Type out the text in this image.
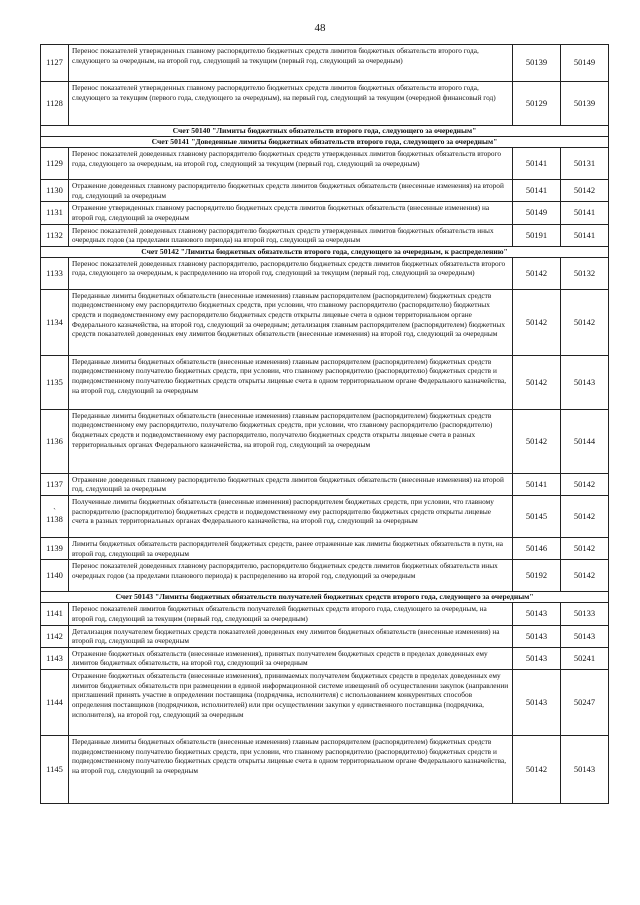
48
1127	Перенос показателей утвержденных главному распорядителю бюджетных средств лимитов бюджетных обязательств второго года, следующего за очередным, на второй год, следующий за текущим (первый год, следующий за очередным)	50139	50149
1128	Перенос показателей утвержденных главному распорядителю бюджетных средств лимитов бюджетных обязательств второго года, следующего за текущим (первого года, следующего за очередным), на первый год, следующий за текущим (очередной финансовый год)	50129	50139
Счет 50140 "Лимиты бюджетных обязательств второго года, следующего за очередным"			
Счет 50141 "Доведенные лимиты бюджетных обязательств второго года, следующего за очередным"			
1129	Перенос показателей доведенных главному распорядителю бюджетных средств утвержденных лимитов бюджетных обязательств второго года, следующего за очередным, на второй год, следующий за текущим (первый год, следующий за очередным)	50141	50131
1130	Отражение доведенных главному распорядителю бюджетных средств лимитов бюджетных обязательств (внесенные изменения) на второй год, следующий за очередным	50141	50142
1131	Отражение утвержденных главному распорядителю бюджетных средств лимитов бюджетных обязательств (внесенные изменения) на второй год, следующий за очередным	50149	50141
1132	Перенос показателей доведенных главному распорядителю бюджетных средств утвержденных лимитов бюджетных обязательств иных очередных годов (за пределами планового периода) на второй год, следующий за очередным	50191	50141
Счет 50142 "Лимиты бюджетных обязательств второго года, следующего за очередным, к распределению"			
1133	Перенос показателей доведенных главному распорядителю, распорядителю бюджетных средств лимитов бюджетных обязательств второго года, следующего за очередным, к распределению на второй год, следующий за текущим (первый год, следующий за очередным)	50142	50132
1134	Переданные лимиты бюджетных обязательств (внесенные изменения) главным распорядителем (распорядителем) бюджетных средств подведомственному ему распорядителю бюджетных средств, при условии, что главному распорядителю (распорядителю) бюджетных средств и подведомственному ему распорядителю бюджетных средств открыты лицевые счета в одном территориальном органе Федерального казначейства, на второй год, следующий за очередным; детализация главным распорядителем (распорядителем) бюджетных средств показателей доведенных ему лимитов бюджетных обязательств (внесенные изменения) на второй год, следующий за очередным	50142	50142
1135	Переданные лимиты бюджетных обязательств (внесенные изменения) главным распорядителем (распорядителем) бюджетных средств подведомственному получателю бюджетных средств, при условии, что главному распорядителю (распорядителю) бюджетных средств и подведомственному получателю бюджетных средств открыты лицевые счета в одном территориальном органе Федерального казначейства, на второй год, следующий за очередным	50142	50143
1136	Переданные лимиты бюджетных обязательств (внесенные изменения) главным распорядителем (распорядителем) бюджетных средств подведомственному ему распорядителю, получателю бюджетных средств, при условии, что главному распорядителю (распорядителю) бюджетных средств и подведомственному ему распорядителю, получателю бюджетных средств открыты лицевые счета в разных территориальных органах Федерального казначейства, на второй год, следующий за очередным	50142	50144
1137	Отражение доведенных главному распорядителю бюджетных средств лимитов бюджетных обязательств (внесенные изменения) на второй год, следующий за очередным	50141	50142

`
1138	Полученные лимиты бюджетных обязательств (внесенные изменения) распорядителем бюджетных средств, при условии, что главному распорядителю (распорядителю) бюджетных средств и подведомственному ему распорядителю бюджетных средств открыты лицевые счета в разных территориальных органах Федерального казначейства, на второй год, следующий за очередным	50145	50142
1139	Лимиты бюджетных обязательств распорядителей бюджетных средств, ранее отраженные как лимиты бюджетных обязательств в пути, на второй год, следующий за очередным	50146	50142
1140	Перенос показателей доведенных главному распорядителю, распорядителю бюджетных средств лимитов бюджетных обязательств иных очередных годов (за пределами планового периода) к распределению на второй год, следующий за очередным	50192	50142
Счет 50143 "Лимиты бюджетных обязательств получателей бюджетных средств второго года, следующего за очередным"			
1141	Перенос показателей лимитов бюджетных обязательств получателей бюджетных средств второго года, следующего за очередным, на второй год, следующий за текущим (первый год, следующий за очередным)	50143	50133
1142	Детализация получателем бюджетных средств показателей доведенных ему лимитов бюджетных обязательств (внесенные изменения) на второй год, следующий за очередным	50143	50143
1143	Отражение бюджетных обязательств (внесенные изменения), принятых получателем бюджетных средств в пределах доведенных ему лимитов бюджетных обязательств, на второй год, следующий за очередным	50143	50241
1144	Отражение бюджетных обязательств (внесенные изменения), принимаемых получателем бюджетных средств в пределах доведенных ему лимитов бюджетных обязательств при размещении в единой информационной системе извещений об осуществлении закупок (направлении приглашений принять участие в определении поставщика (подрядчика, исполнителя) с использованием конкурентных способов определения поставщиков (подрядчиков, исполнителей) или при осуществлении закупки у единственного поставщика (подрядчика, исполнителя), на второй год, следующий за очередным	50143	50247
1145	Переданные лимиты бюджетных обязательств (внесенные изменения) главным распорядителем (распорядителем) бюджетных средств подведомственному получателю бюджетных средств, при условии, что главному распорядителю (распорядителю) бюджетных средств и подведомственному получателю бюджетных средств открыты лицевые счета в одном территориальном органе Федерального казначейства, на второй год, следующий за очередным	50142	50143
